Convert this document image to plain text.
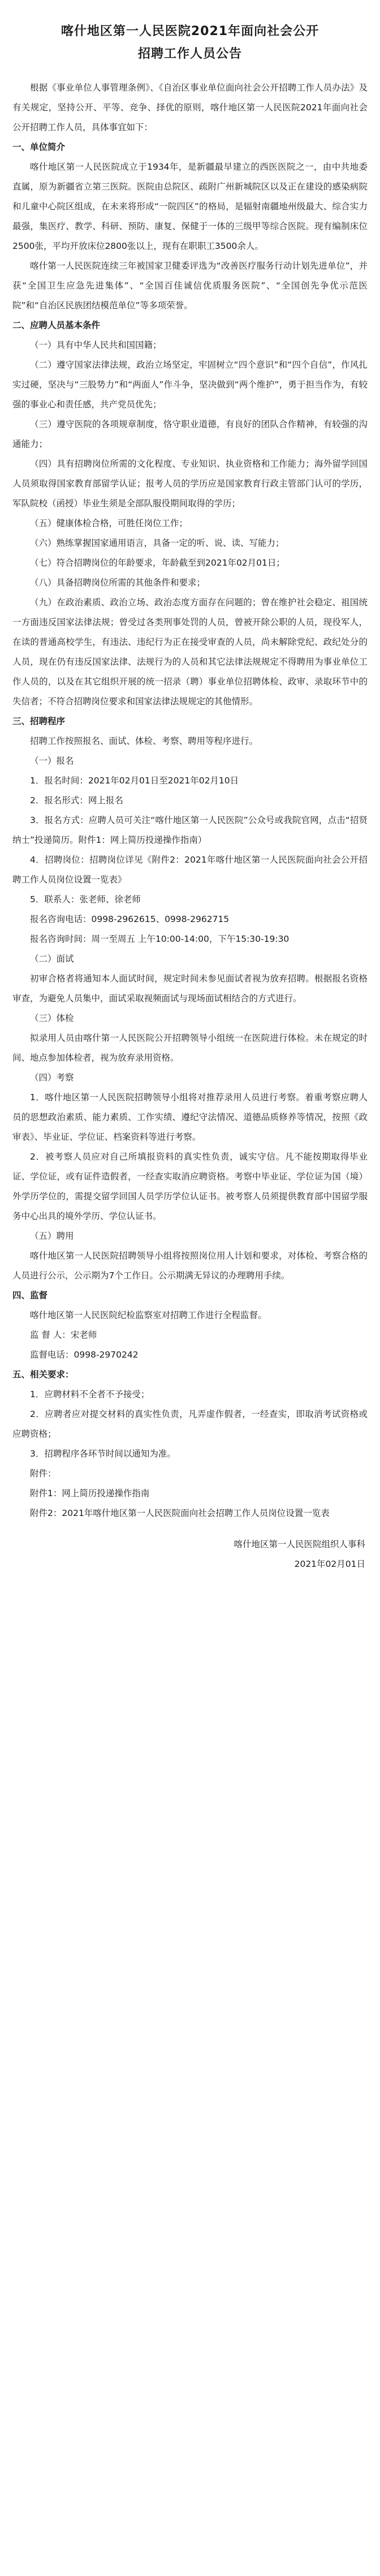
喀什地区第一人民医院2021年面向社会公开
招聘工作人员公告

根据《事业单位人事管理条例》、《自治区事业单位面向社会公开招聘工作人员办法》及有关规定，坚持公开、平等、竞争、择优的原则，喀什地区第一人民医院2021年面向社会公开招聘工作人员，具体事宜如下：

一、单位简介

喀什地区第一人民医院成立于1934年，是新疆最早建立的西医医院之一，由中共地委直属，原为新疆省立第三医院。医院由总院区、疏附广州新城院区以及正在建设的感染病院和儿童中心院区组成，在未来将形成“一院四区”的格局，是辐射南疆地州级最大、综合实力最强，集医疗、教学、科研、预防、康复、保健于一体的三级甲等综合医院。现有编制床位2500张，平均开放床位2800张以上，现有在职职工3500余人。

喀什第一人民医院连续三年被国家卫健委评选为“改善医疗服务行动计划先进单位”，并获“全国卫生应急先进集体”、“全国百佳诚信优质服务医院”、“全国创先争优示范医院”和“自治区民族团结模范单位”等多项荣誉。

二、应聘人员基本条件

（一）具有中华人民共和国国籍；

（二）遵守国家法律法规，政治立场坚定，牢固树立“四个意识”和“四个自信”，作风扎实过硬，坚决与“三股势力”和“两面人”作斗争，坚决做到“两个维护”，勇于担当作为，有较强的事业心和责任感，共产党员优先；

（三）遵守医院的各项规章制度，恪守职业道德，有良好的团队合作精神，有较强的沟通能力；

（四）具有招聘岗位所需的文化程度、专业知识、执业资格和工作能力；海外留学回国人员须取得国家教育部留学认证；报考人员的学历应是国家教育行政主管部门认可的学历，军队院校（函授）毕业生须是全部队服役期间取得的学历；

（五）健康体检合格，可胜任岗位工作；

（六）熟练掌握国家通用语言，具备一定的听、说、读、写能力；

（七）符合招聘岗位的年龄要求，年龄截至到2021年02月01日；

（八）具备招聘岗位所需的其他条件和要求；

（九）在政治素质、政治立场、政治态度方面存在问题的；曾在维护社会稳定、祖国统一方面违反国家法律法规；曾受过各类刑事处罚的人员，曾被开除公职的人员，现役军人，在读的普通高校学生，有违法、违纪行为正在接受审查的人员，尚未解除党纪、政纪处分的人员，现在仍有违反国家法律、法规行为的人员和其它法律法规规定不得聘用为事业单位工作人员的，以及在其它组织开展的统一招录（聘）事业单位招聘体检、政审、录取环节中的失信者；不符合招聘岗位要求和国家法律法规规定的其他情形。

三、招聘程序

招聘工作按照报名、面试、体检、考察、聘用等程序进行。

（一）报名

1．报名时间：2021年02月01日至2021年02月10日

2．报名形式：网上报名

3．报名方式：应聘人员可关注“喀什地区第一人民医院”公众号或我院官网，点击“招贤纳士”投递简历。附件1：网上简历投递操作指南）

4．招聘岗位：招聘岗位详见《附件2：2021年喀什地区第一人民医院面向社会公开招聘工作人员岗位设置一览表》

5．联系人：张老师、徐老师

报名咨询电话：0998-2962615、0998-2962715

报名咨询时间：周一至周五 上午10:00-14:00，下午15:30-19:30

（二）面试

初审合格者将通知本人面试时间，规定时间未参见面试者视为放弃招聘。根据报名资格审查，为避免人员集中，面试采取视频面试与现场面试相结合的方式进行。

（三）体检

拟录用人员由喀什第一人民医院公开招聘领导小组统一在医院进行体检。未在规定的时间、地点参加体检者，视为放弃录用资格。

（四）考察

1．喀什地区第一人民医院招聘领导小组将对推荐录用人员进行考察。着重考察应聘人员的思想政治素质、能力素质、工作实绩、遵纪守法情况、道德品质修养等情况，按照《政审表》、毕业证、学位证、档案资料等进行考察。

2．被考察人员应对自己所填报资料的真实性负责，诚实守信。凡不能按期取得毕业证、学位证，或有证件造假者，一经查实取消应聘资格。考察中毕业证、学位证为国（境）外学历学位的，需提交留学回国人员学历学位认证书。被考察人员须提供教育部中国留学服务中心出具的境外学历、学位认证书。

（五）聘用

喀什地区第一人民医院招聘领导小组将按照岗位用人计划和要求，对体检、考察合格的人员进行公示，公示期为7个工作日。公示期满无异议的办理聘用手续。

四、监督

喀什地区第一人民医院纪检监察室对招聘工作进行全程监督。

监 督 人：宋老师

监督电话：0998-2970242

五、相关要求：

1．应聘材料不全者不予接受；

2．应聘者应对提交材料的真实性负责，凡弄虚作假者，一经查实，即取消考试资格或应聘资格；

3．招聘程序各环节时间以通知为准。

附件：

附件1：网上简历投递操作指南

附件2：2021年喀什地区第一人民医院面向社会招聘工作人员岗位设置一览表

喀什地区第一人民医院组织人事科

2021年02月01日
